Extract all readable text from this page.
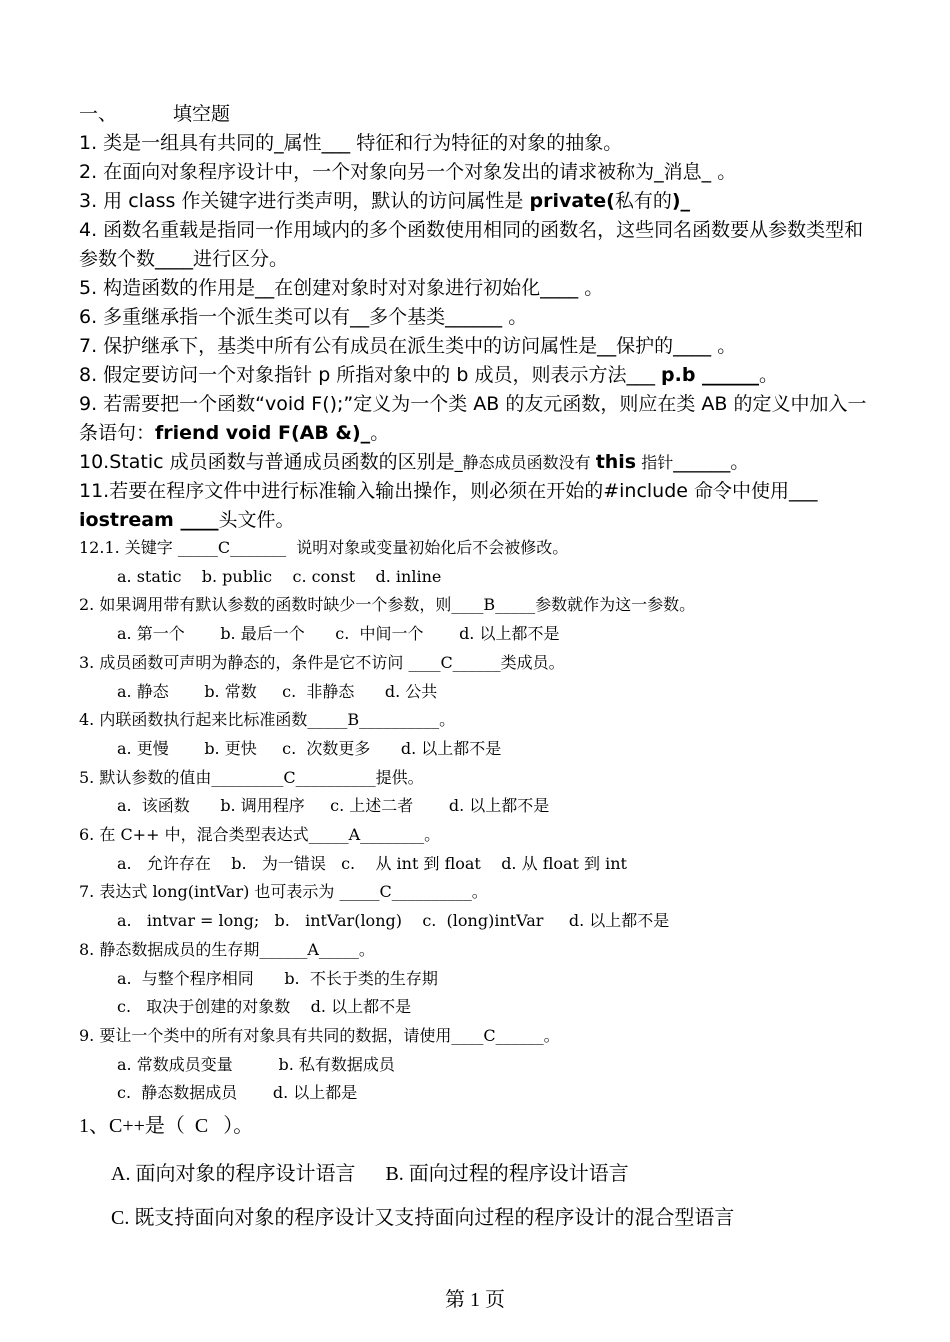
一、	填空题

1. 类是一组具有共同的_属性___ 特征和行为特征的对象的抽象。

2. 在面向对象程序设计中，一个对象向另一个对象发出的请求被称为_消息_ 。

3. 用 class 作关键字进行类声明，默认的访问属性是 private(私有的)_

4. 函数名重载是指同一作用域内的多个函数使用相同的函数名，这些同名函数要从参数类型和参数个数____进行区分。

5. 构造函数的作用是__在创建对象时对对象进行初始化____ 。

6. 多重继承指一个派生类可以有__多个基类______ 。

7. 保护继承下，基类中所有公有成员在派生类中的访问属性是__保护的____ 。

8. 假定要访问一个对象指针 p 所指对象中的 b 成员，则表示方法___ p.b ______。

9. 若需要把一个函数“void F();”定义为一个类 AB 的友元函数，则应在类 AB 的定义中加入一条语句：friend void F(AB &)_。

10.Static 成员函数与普通成员函数的区别是_静态成员函数没有 this 指针______。

11.若要在程序文件中进行标准输入输出操作，则必须在开始的#include 命令中使用___ iostream ____头文件。

12.1. 关键字 _____C_______  说明对象或变量初始化后不会被修改。

a. static    b. public    c. const    d. inline

2. 如果调用带有默认参数的函数时缺少一个参数，则____B_____参数就作为这一参数。

a. 第一个       b. 最后一个      c.  中间一个       d. 以上都不是

3. 成员函数可声明为静态的，条件是它不访问 ____C______类成员。

a. 静态       b. 常数     c.  非静态      d. 公共

4. 内联函数执行起来比标准函数_____B__________。

a. 更慢       b. 更快     c.  次数更多      d. 以上都不是

5. 默认参数的值由_________C__________提供。

a.  该函数      b. 调用程序     c. 上述二者       d. 以上都不是

6. 在 C++ 中，混合类型表达式_____A________。

a.   允许存在    b.   为一错误   c.    从 int 到 float    d. 从 float 到 int

7. 表达式 long(intVar) 也可表示为 _____C__________。

a.   intvar = long;   b.   intVar(long)    c.  (long)intVar     d. 以上都不是

8. 静态数据成员的生存期______A_____。

a.  与整个程序相同      b.  不长于类的生存期

c.   取决于创建的对象数    d. 以上都不是

9. 要让一个类中的所有对象具有共同的数据，请使用____C______。

a. 常数成员变量         b. 私有数据成员

c.  静态数据成员       d. 以上都是

1、C++是（  C   ）。

A. 面向对象的程序设计语言      B. 面向过程的程序设计语言

C. 既支持面向对象的程序设计又支持面向过程的程序设计的混合型语言

第 1 页
